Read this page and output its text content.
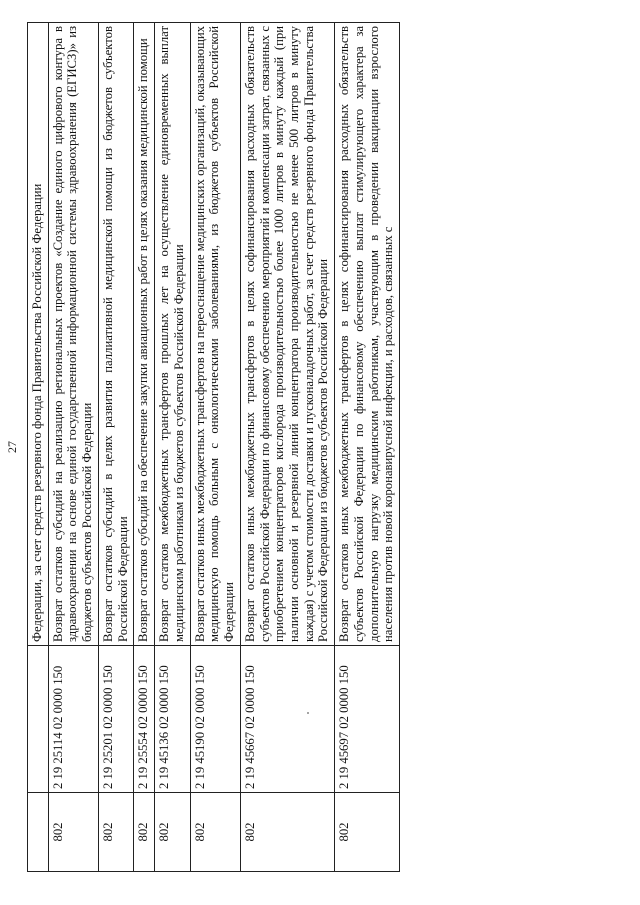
27
		Федерации, за счет средств резервного фонда Правительства Российской Федерации
802	2 19 25114 02 0000 150	Возврат остатков субсидий на реализацию региональных проектов «Создание единого цифрового контура в здравоохранении на основе единой государственной информационной системы здравоохранения (ЕГИСЗ)» из бюджетов субъектов Российской Федерации
802	2 19 25201 02 0000 150	Возврат остатков субсидий в целях развития паллиативной медицинской помощи из бюджетов субъектов Российской Федерации
802	2 19 25554 02 0000 150	Возврат остатков субсидий на обеспечение закупки авиационных работ в целях оказания медицинской помощи
802	2 19 45136 02 0000 150	Возврат остатков межбюджетных трансфертов прошлых лет на осуществление единовременных выплат медицинским работникам из бюджетов субъектов Российской Федерации
802	2 19 45190 02 0000 150	Возврат остатков иных межбюджетных трансфертов на переоснащение медицинских организаций, оказывающих медицинскую помощь больным с онкологическими заболеваниями, из бюджетов субъектов Российской Федерации
802	2 19 45667 02 0000 150	Возврат остатков иных межбюджетных трансфертов в целях софинансирования расходных обязательств субъектов Российской Федерации по финансовому обеспечению мероприятий и компенсации затрат, связанных с приобретением концентраторов кислорода производительностью более 1000 литров в минуту каждый (при наличии основной и резервной линий концентратора производительностью не менее 500 литров в минуту каждая) с учетом стоимости доставки и пусконаладочных работ, за счет средств резервного фонда Правительства Российской Федерации из бюджетов субъектов Российской Федерации
802	2 19 45697 02 0000 150	Возврат остатков иных межбюджетных трансфертов в целях софинансирования расходных обязательств субъектов Российской Федерации по финансовому обеспечению выплат стимулирующего характера за дополнительную нагрузку медицинским работникам, участвующим в проведении вакцинации взрослого населения против новой коронавирусной инфекции, и расходов, связанных с
